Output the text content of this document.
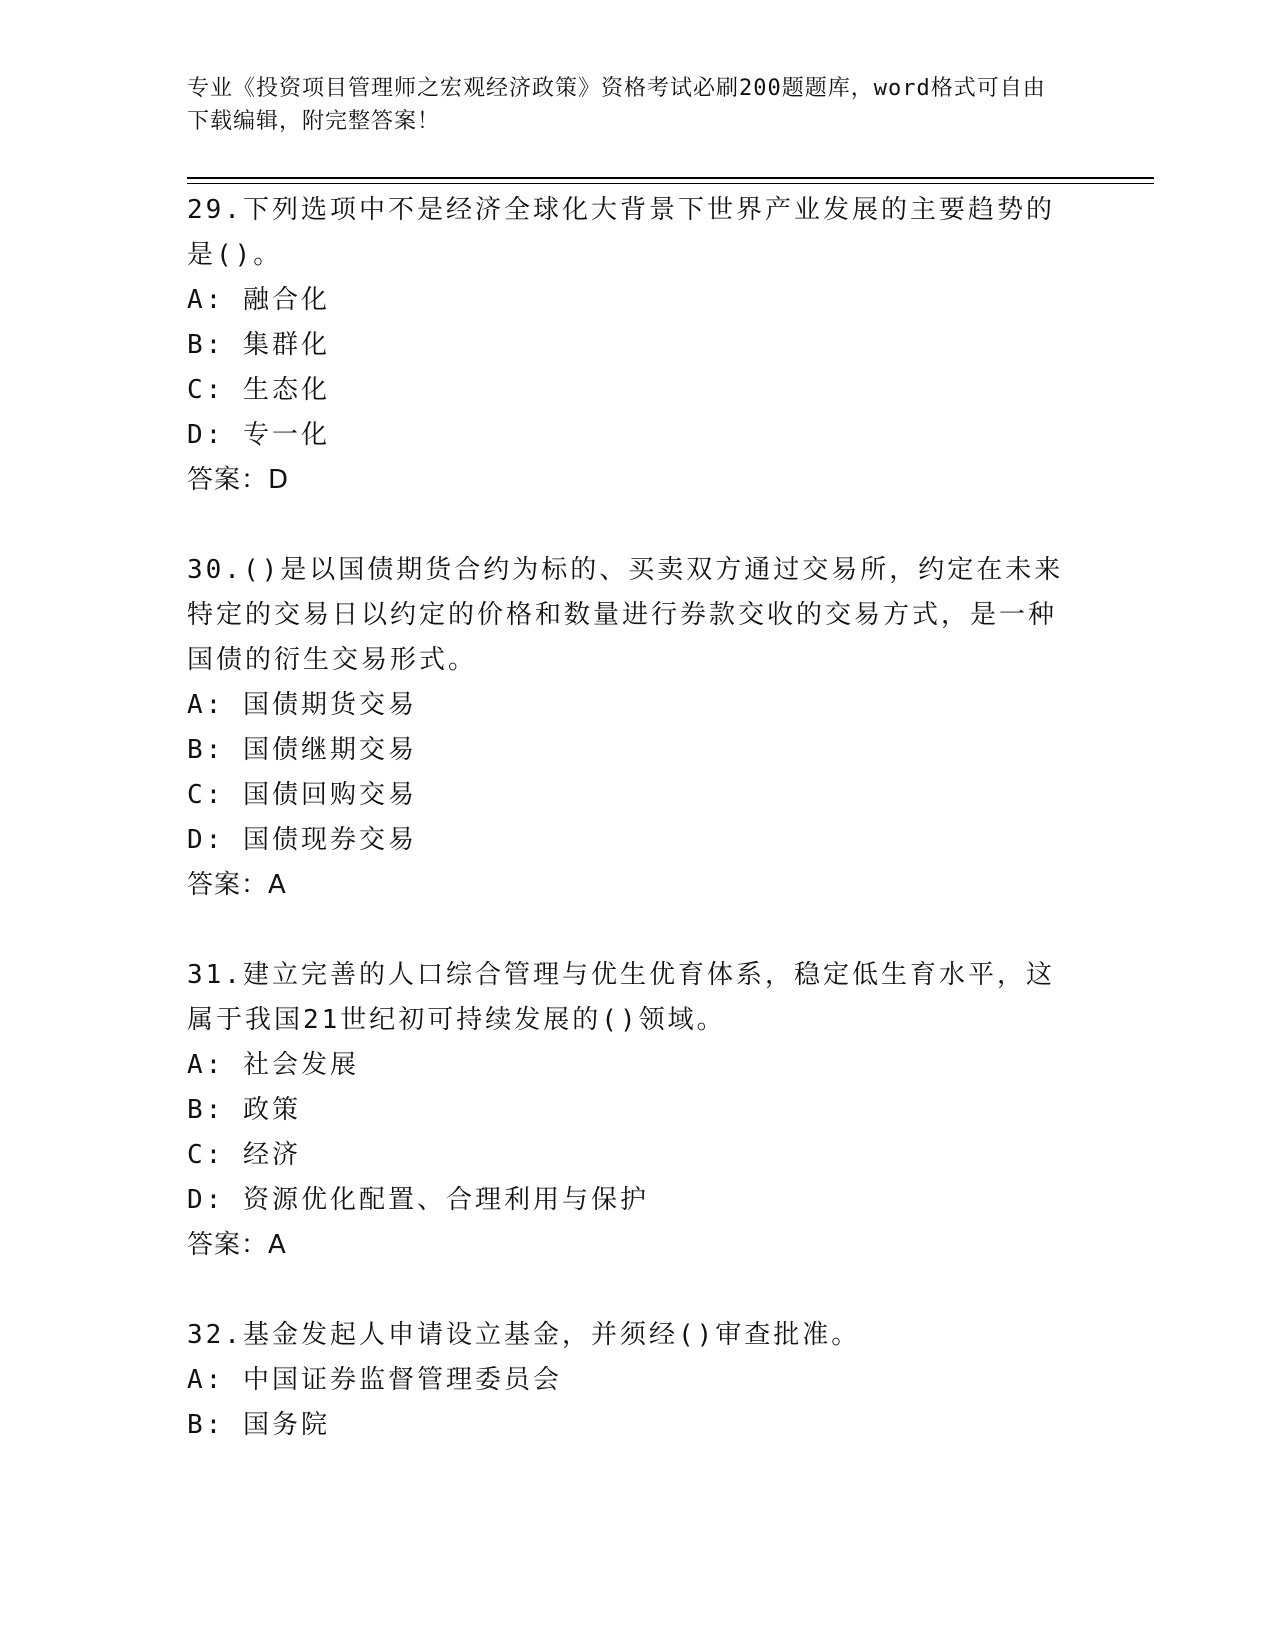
专业《投资项目管理师之宏观经济政策》资格考试必刷200题题库，word格式可自由下载编辑，附完整答案！

29.下列选项中不是经济全球化大背景下世界产业发展的主要趋势的是()。

A: 融合化

B: 集群化

C: 生态化

D: 专一化

答案：D

30.()是以国债期货合约为标的、买卖双方通过交易所，约定在未来特定的交易日以约定的价格和数量进行券款交收的交易方式，是一种国债的衍生交易形式。

A: 国债期货交易

B: 国债继期交易

C: 国债回购交易

D: 国债现券交易

答案：A

31.建立完善的人口综合管理与优生优育体系，稳定低生育水平，这属于我国21世纪初可持续发展的()领域。

A: 社会发展

B: 政策

C: 经济

D: 资源优化配置、合理利用与保护

答案：A

32.基金发起人申请设立基金，并须经()审查批准。

A: 中国证券监督管理委员会

B: 国务院
